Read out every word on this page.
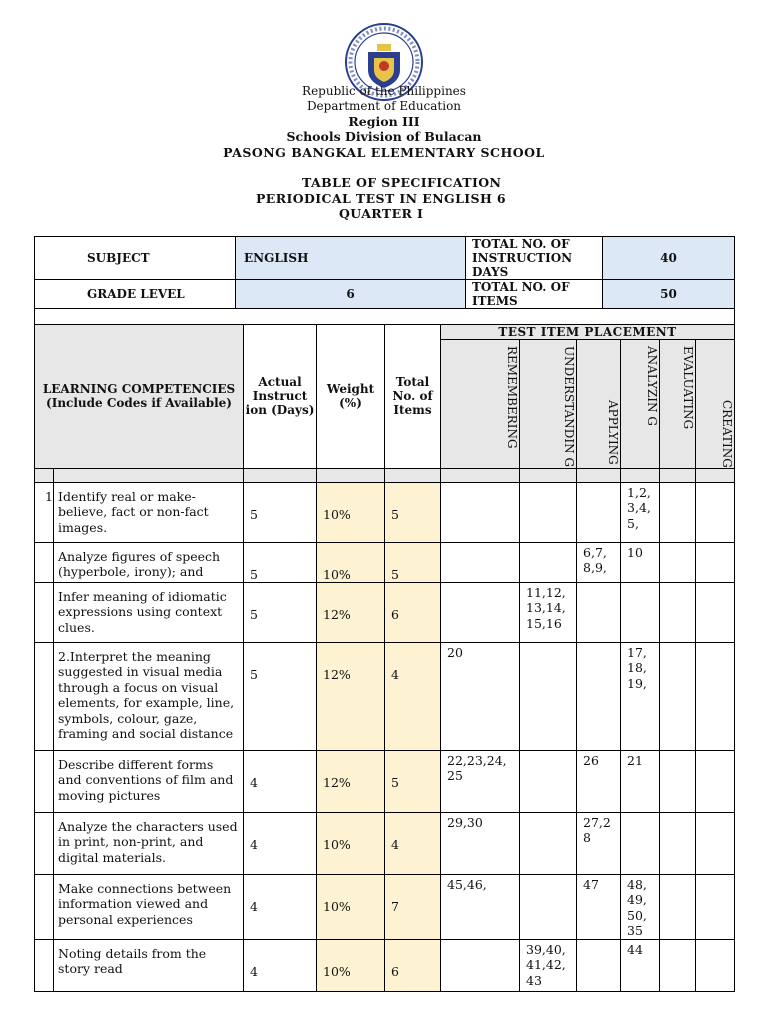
Republic of the Philippines
Department of Education
Region III
Schools Division of Bulacan
PASONG BANGKAL ELEMENTARY SCHOOL
TABLE OF SPECIFICATION
PERIODICAL TEST IN ENGLISH 6
QUARTER I
SUBJECT	ENGLISH	TOTAL NO. OF INSTRUCTION DAYS	40
GRADE LEVEL	6	TOTAL NO. OF ITEMS	50

LEARNING COMPETENCIES (Include Codes if Available)		Actual Instruct ion (Days)	Weight (%)	Total No. of Items	TEST ITEM PLACEMENT					
					REMEMBERING	UNDERSTANDIN G	APPLYING	ANALYZIN G	EVALUATING	CREATING

1	Identify real or make-believe, fact or non-fact images.	5	10%	5				1,2,3,4,5,		
	Analyze figures of speech (hyperbole, irony); and	5	10%	5			6,7,8,9,	10		
	Infer meaning of idiomatic expressions using context clues.	5	12%	6		11,12,13,14,15,16				
	2.Interpret the meaning suggested in visual media through a focus on visual elements, for example, line, symbols, colour, gaze, framing and social distance	5	12%	4	20			17,18,19,		
	Describe different forms and conventions of film and moving pictures	4	12%	5	22,23,24,25		26	21		
	Analyze the characters used in print, non-print, and digital materials.	4	10%	4	29,30		27,28			
	Make connections between information viewed and personal experiences	4	10%	7	45,46,		47	48,49,50,35		
	Noting details from the story read	4	10%	6		39,40,41,42,43		44		
